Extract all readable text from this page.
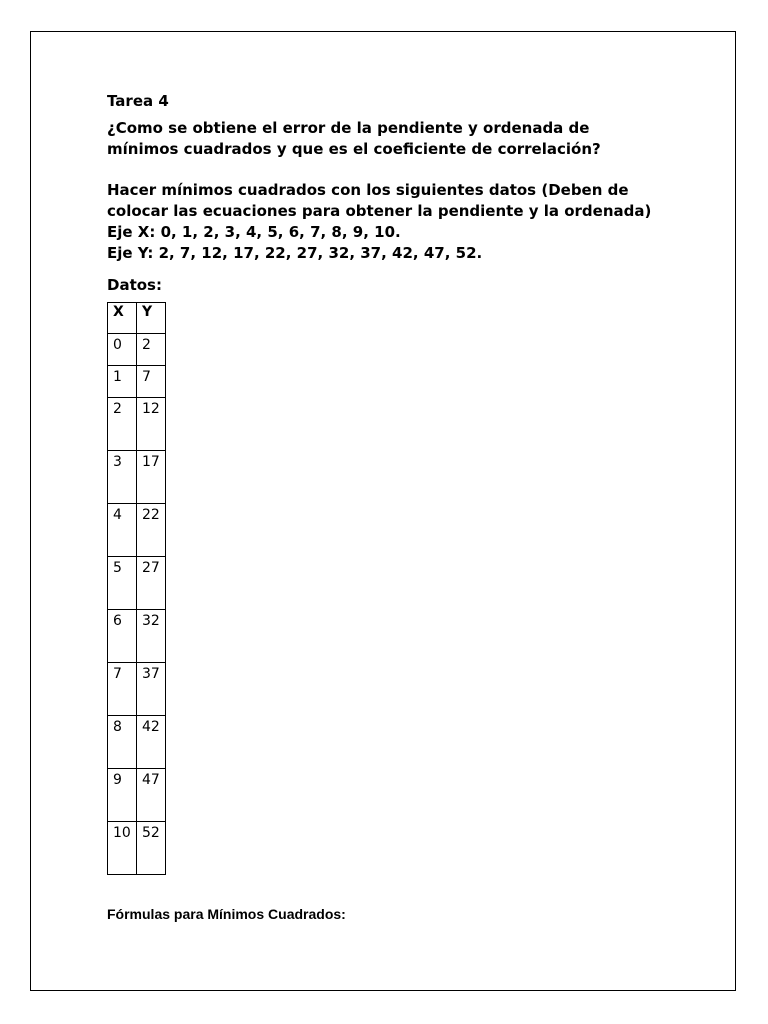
Tarea 4
¿Como se obtiene el error de la pendiente y ordenada de
mínimos cuadrados y que es el coeficiente de correlación?
Hacer mínimos cuadrados con los siguientes datos (Deben de
colocar las ecuaciones para obtener la pendiente y la ordenada)
Eje X: 0, 1, 2, 3, 4, 5, 6, 7, 8, 9, 10.
Eje Y: 2, 7, 12, 17, 22, 27, 32, 37, 42, 47, 52.
Datos:
X	Y
0	2
1	7
2	12
3	17
4	22
5	27
6	32
7	37
8	42
9	47
10	52
Fórmulas para Mínimos Cuadrados:
